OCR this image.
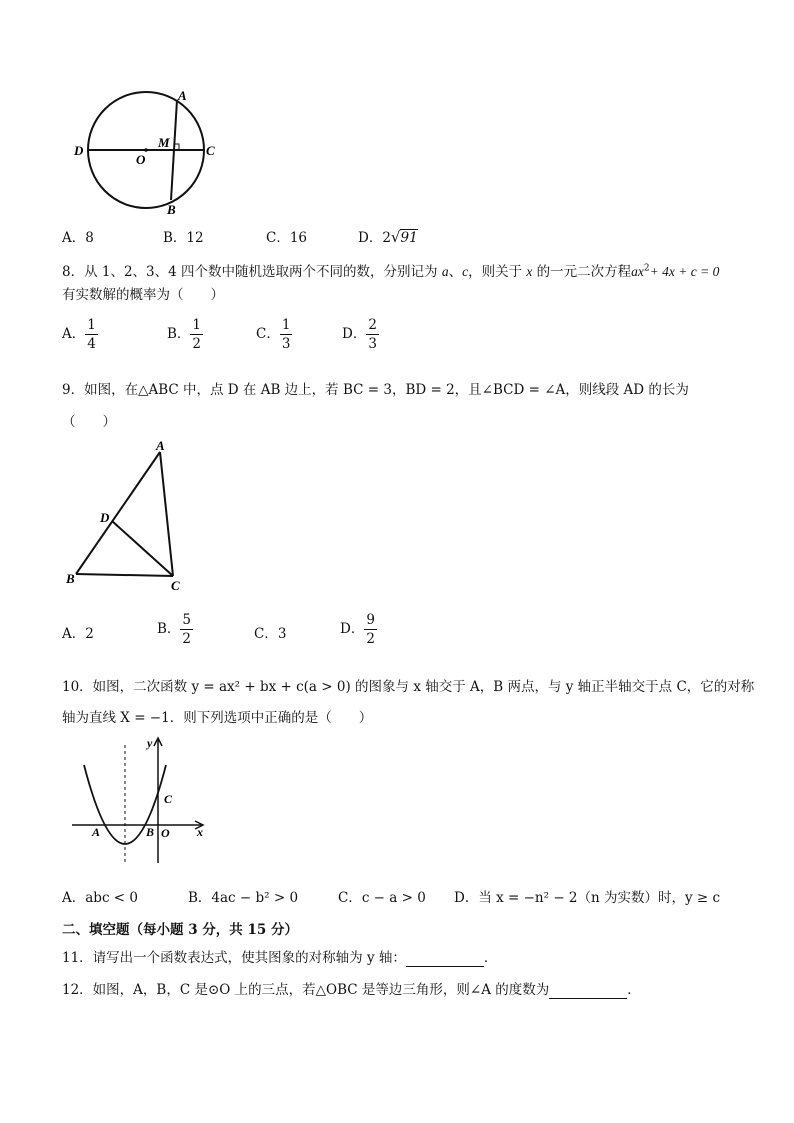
A
B
C
D
O
M
A．8	B．12	C．16	D．2√91
8．从 1、2、3、4 四个数中随机选取两个不同的数，分别记为 a、c，则关于 x 的一元二次方程$ax^2+ 4x + c = 0$
有实数解的概率为（　　）
A． $\frac{1}{4}$	B． $\frac{1}{2}$	C． $\frac{1}{3}$	D． $\frac{2}{3}$
9．如图，在△ABC 中，点 D 在 AB 边上，若 BC = 3，BD = 2，且∠BCD = ∠A，则线段 AD 的长为
（　　）
A
D
B	C
A．2	B． $\frac{5}{2}$	C．3	D． $\frac{9}{2}$
10．如图，二次函数 y = ax² + bx + c(a > 0) 的图象与 x 轴交于 A，B 两点，与 y 轴正半轴交于点 C，它的对称
轴为直线 X = −1．则下列选项中正确的是（　　）
y
x
A	B O
C
A．abc < 0	B．4ac − b² > 0	C．c − a > 0 D．当 x = −n² − 2（n 为实数）时，y ≥ c
二、填空题（每小题 3 分，共 15 分）
11．请写出一个函数表达式，使其图象的对称轴为 y 轴：	．
12．如图，A，B，C 是⊙O 上的三点，若△OBC 是等边三角形，则∠A 的度数为	．
